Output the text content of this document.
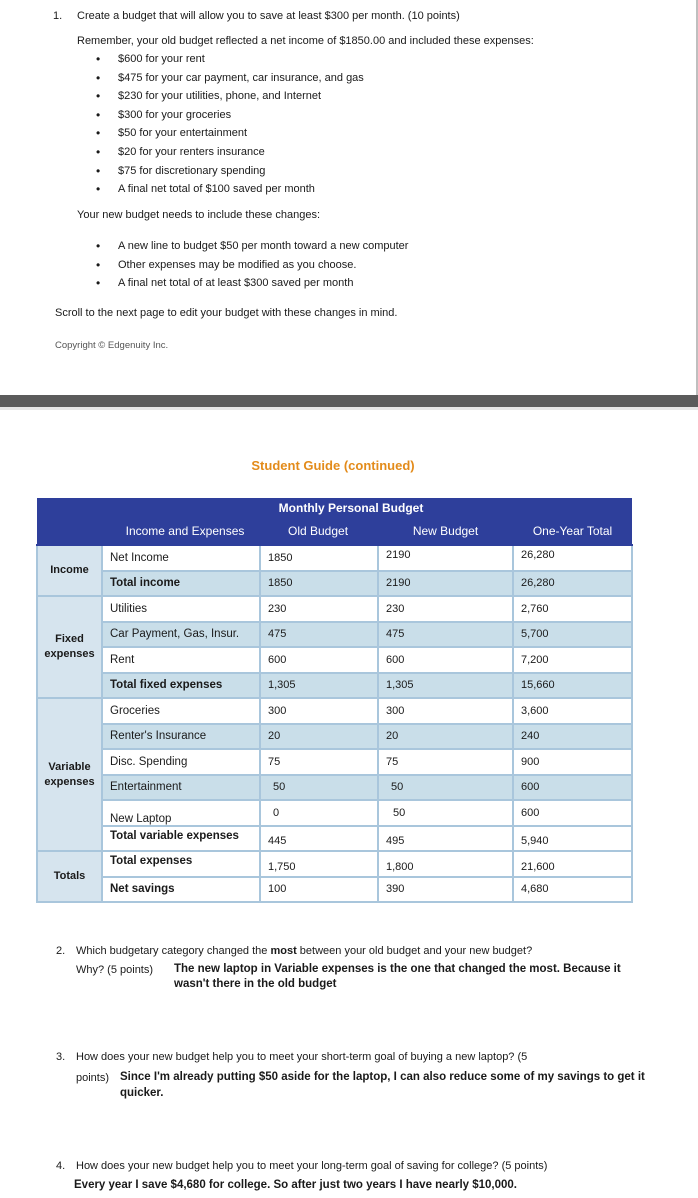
1. Create a budget that will allow you to save at least $300 per month. (10 points)
Remember, your old budget reflected a net income of $1850.00 and included these expenses:
• $600 for your rent
• $475 for your car payment, car insurance, and gas
• $230 for your utilities, phone, and Internet
• $300 for your groceries
• $50 for your entertainment
• $20 for your renters insurance
• $75 for discretionary spending
• A final net total of $100 saved per month
Your new budget needs to include these changes:
• A new line to budget $50 per month toward a new computer
• Other expenses may be modified as you choose.
• A final net total of at least $300 saved per month
Scroll to the next page to edit your budget with these changes in mind.
Copyright © Edgenuity Inc.
Student Guide (continued)
Monthly Personal Budget				
Income and Expenses		Old Budget	New Budget	One-Year Total
Income	Net Income	1850	2190	26,280
	Total income	1850	2190	26,280
Fixed expenses	Utilities	230	230	2,760
	Car Payment, Gas, Insur.	475	475	5,700
	Rent	600	600	7,200
	Total fixed expenses	1,305	1,305	15,660
Variable expenses	Groceries	300	300	3,600
	Renter's Insurance	20	20	240
	Disc. Spending	75	75	900
	Entertainment	50	50	600
	New Laptop	0	50	600
	Total variable expenses	445	495	5,940
Totals	Total expenses	1,750	1,800	21,600
	Net savings	100	390	4,680
2. Which budgetary category changed the most between your old budget and your new budget?
Why? (5 points) The new laptop in Variable expenses is the one that changed the most. Because it
wasn't there in the old budget
3. How does your new budget help you to meet your short-term goal of buying a new laptop? (5
points) Since I'm already putting $50 aside for the laptop, I can also reduce some of my savings to get it
quicker.
4. How does your new budget help you to meet your long-term goal of saving for college? (5 points)
Every year I save $4,680 for college. So after just two years I have nearly $10,000.
